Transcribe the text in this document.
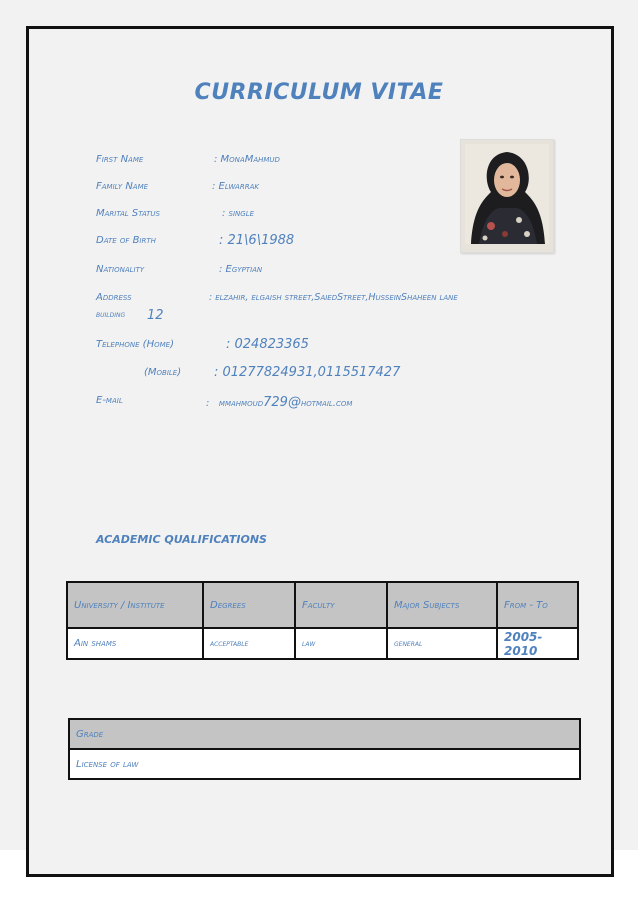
CURRICULUM VITAE
First Name	: MonaMahmud
Family Name	: Elwarrak
Marital Status	: single
Date of Birth	: 21\6\1988
Nationality	: Egyptian
Address	: elzahir, elgaish street,SaiedStreet,HusseinShaheen lane
building 12
Telephone (Home)	: 024823365
(Mobile)	: 01277824931,0115517427
E-mail	: mmahmoud729@hotmail.com
ACADEMIC QUALIFICATIONS
University / Institute	Degrees	Faculty	Major Subjects	From - To
Ain shams	acceptable	law	general	2005-2010
Grade
License of law
